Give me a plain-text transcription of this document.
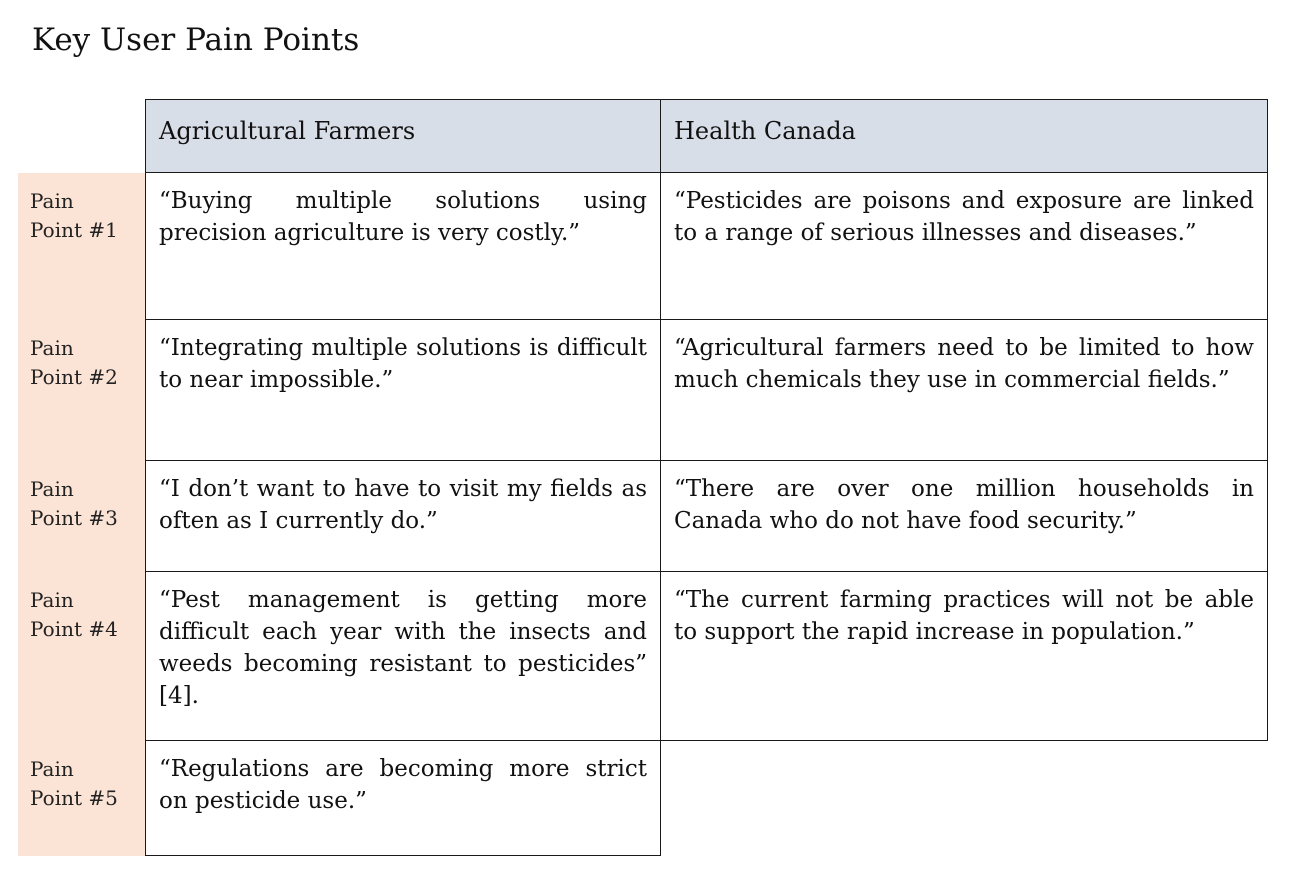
Key User Pain Points
Agricultural Farmers	Health Canada
Pain
Point #1
“Buying multiple solutions using precision agriculture is very costly.”
“Pesticides are poisons and exposure are linked to a range of serious illnesses and diseases.”
Pain
Point #2
“Integrating multiple solutions is difficult to near impossible.”
“Agricultural farmers need to be limited to how much chemicals they use in commercial fields.”
Pain
Point #3
“I don’t want to have to visit my fields as often as I currently do.”
“There are over one million households in Canada who do not have food security.”
Pain
Point #4
“Pest management is getting more difficult each year with the insects and weeds becoming resistant to pesticides” [4].
“The current farming practices will not be able to support the rapid increase in population.”
Pain
Point #5
“Regulations are becoming more strict on pesticide use.”
